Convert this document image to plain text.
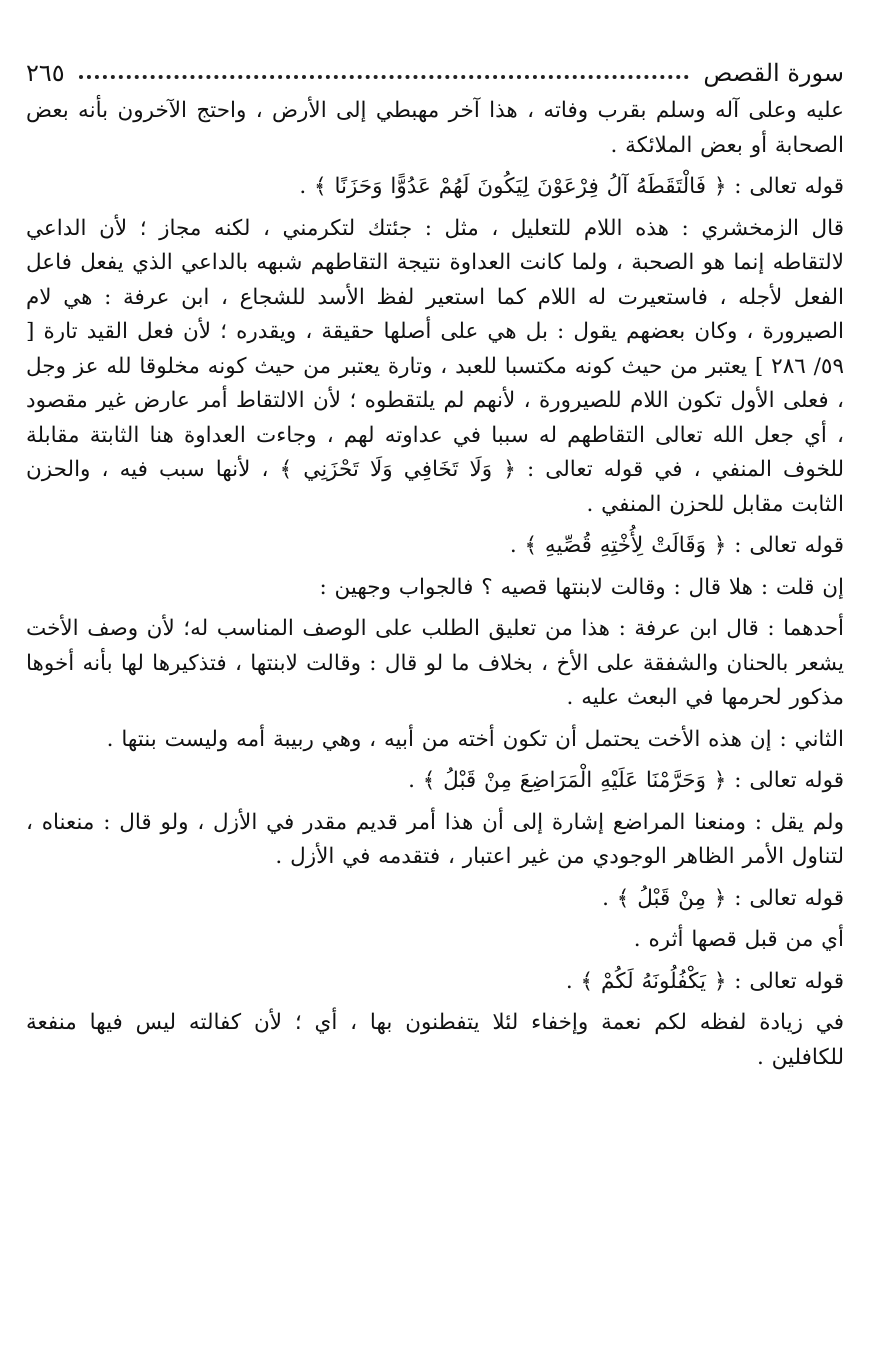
سورة القصص
٢٦٥

عليه وعلى آله وسلم بقرب وفاته ، هذا آخر مهبطي إلى الأرض ، واحتج الآخرون بأنه بعض الصحابة أو بعض الملائكة .

قوله تعالى : ﴿ فَالْتَقَطَهُ آلُ فِرْعَوْنَ لِيَكُونَ لَهُمْ عَدُوًّا وَحَزَنًا ﴾ .

قال الزمخشري : هذه اللام للتعليل ، مثل : جئتك لتكرمني ، لكنه مجاز ؛ لأن الداعي لالتقاطه إنما هو الصحبة ، ولما كانت العداوة نتيجة التقاطهم شبهه بالداعي الذي يفعل فاعل الفعل لأجله ، فاستعيرت له اللام كما استعير لفظ الأسد للشجاع ، ابن عرفة : هي لام الصيرورة ، وكان بعضهم يقول : بل هي على أصلها حقيقة ، ويقدره ؛ لأن فعل القيد تارة [ ٥٩/ ٢٨٦ ] يعتبر من حيث كونه مكتسبا للعبد ، وتارة يعتبر من حيث كونه مخلوقا لله عز وجل ، فعلى الأول تكون اللام للصيرورة ، لأنهم لم يلتقطوه ؛ لأن الالتقاط أمر عارض غير مقصود ، أي جعل الله تعالى التقاطهم له سببا في عداوته لهم ، وجاءت العداوة هنا الثابتة مقابلة للخوف المنفي ، في قوله تعالى : ﴿ وَلَا تَخَافِي وَلَا تَحْزَنِي ﴾ ، لأنها سبب فيه ، والحزن الثابت مقابل للحزن المنفي .

قوله تعالى : ﴿ وَقَالَتْ لِأُخْتِهِ قُصِّيهِ ﴾ .

إن قلت : هلا قال : وقالت لابنتها قصيه ؟ فالجواب وجهين :

أحدهما : قال ابن عرفة : هذا من تعليق الطلب على الوصف المناسب له؛ لأن وصف الأخت يشعر بالحنان والشفقة على الأخ ، بخلاف ما لو قال : وقالت لابنتها ، فتذكيرها لها بأنه أخوها مذكور لحرمها في البعث عليه .

الثاني : إن هذه الأخت يحتمل أن تكون أخته من أبيه ، وهي ربيبة أمه وليست بنتها .

قوله تعالى : ﴿ وَحَرَّمْنَا عَلَيْهِ الْمَرَاضِعَ مِنْ قَبْلُ ﴾ .

ولم يقل : ومنعنا المراضع إشارة إلى أن هذا أمر قديم مقدر في الأزل ، ولو قال : منعناه ، لتناول الأمر الظاهر الوجودي من غير اعتبار ، فتقدمه في الأزل .

قوله تعالى : ﴿ مِنْ قَبْلُ ﴾ .

أي من قبل قصها أثره .

قوله تعالى : ﴿ يَكْفُلُونَهُ لَكُمْ ﴾ .

في زيادة لفظه لكم نعمة وإخفاء لئلا يتفطنون بها ، أي ؛ لأن كفالته ليس فيها منفعة للكافلين .
